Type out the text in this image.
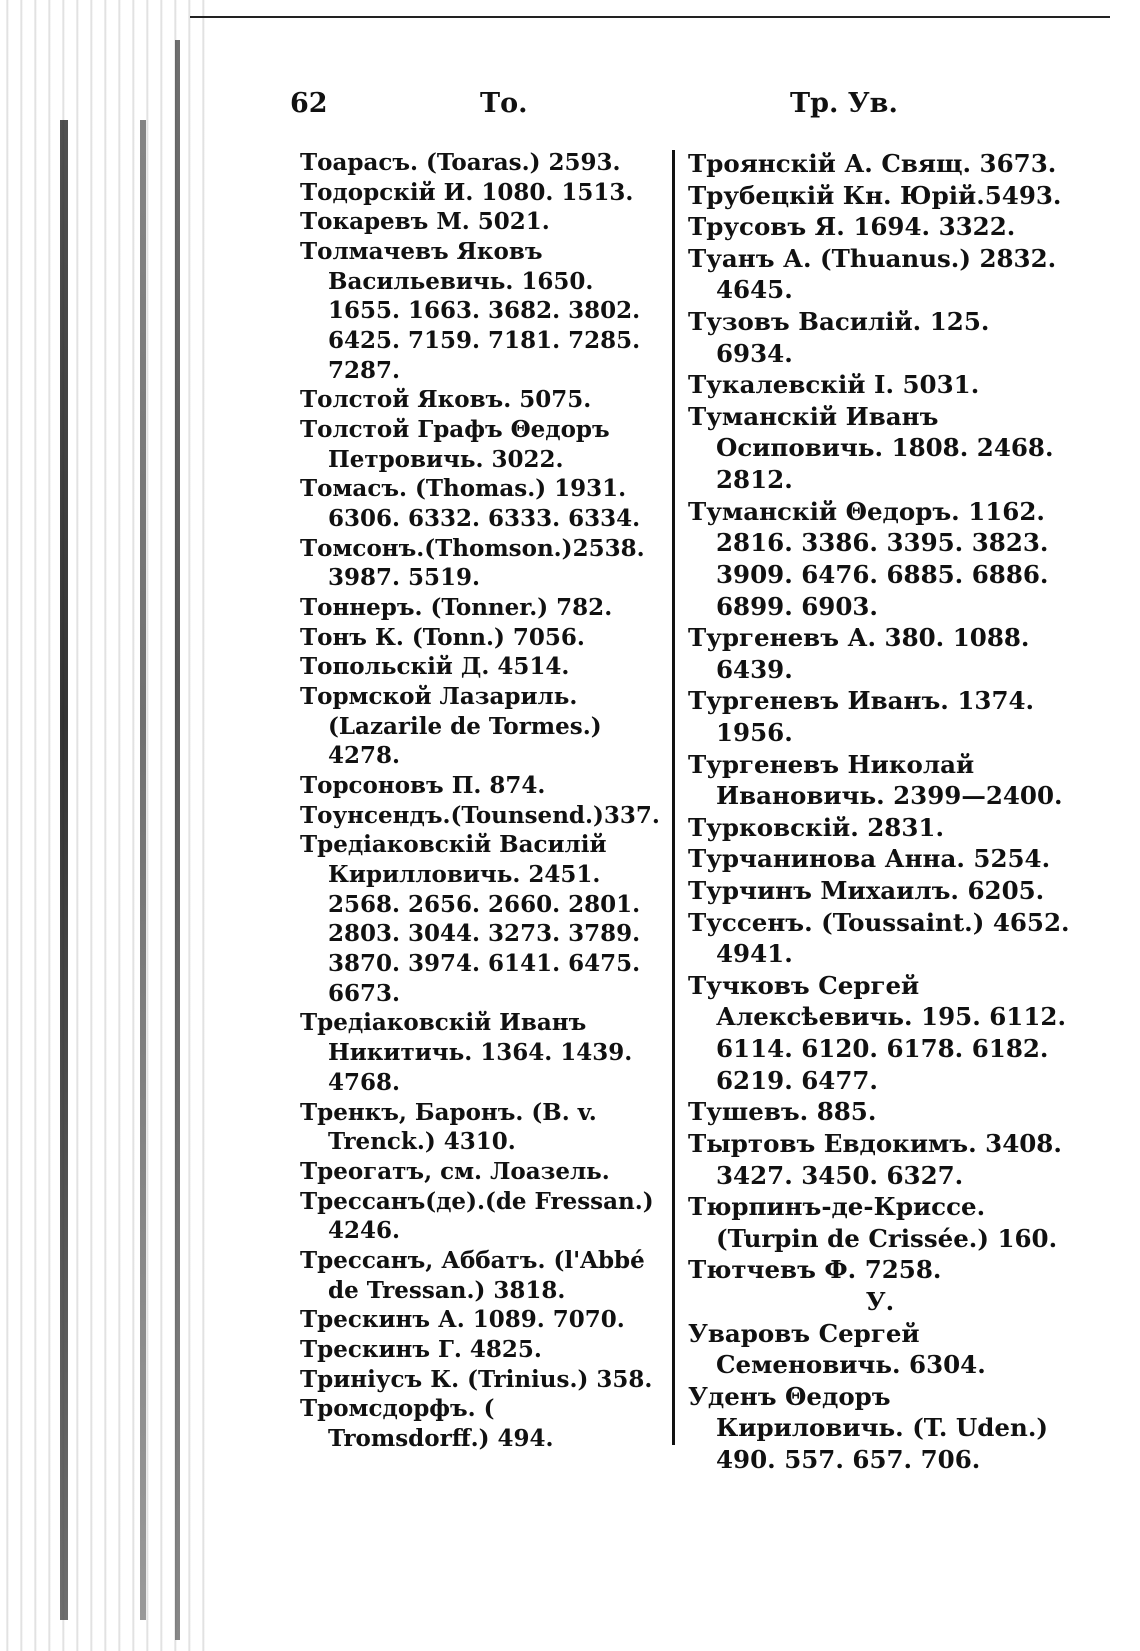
62	То.	Тр. Ув.

Тоарасъ. (Toaras.) 2593.

Тодорскій И. 1080. 1513.

Токаревъ М. 5021.

Толмачевъ Яковъ Васильевичь. 1650. 1655. 1663. 3682. 3802. 6425. 7159. 7181. 7285. 7287.

Толстой Яковъ. 5075.

Толстой Графъ Θедоръ Петровичь. 3022.

Томасъ. (Thomas.) 1931. 6306. 6332. 6333. 6334.

Томсонъ.(Thomson.)2538. 3987. 5519.

Тоннеръ. (Tonner.) 782.

Тонъ К. (Tonn.) 7056.

Топольскій Д. 4514.

Тормской Лазариль. (Lazarile de Tormes.) 4278.

Торсоновъ П. 874.

Тоунсендъ.(Tounsend.)337.

Тредіаковскій Василій Кирилловичь. 2451. 2568. 2656. 2660. 2801. 2803. 3044. 3273. 3789. 3870. 3974. 6141. 6475. 6673.

Тредіаковскій Иванъ Никитичь. 1364. 1439. 4768.

Тренкъ, Баронъ. (B. v. Trenck.) 4310.

Треогатъ, см. Лоазель.

Трессанъ(де).(de Fressan.) 4246.

Трессанъ, Аббатъ. (l'Abbé de Tressan.) 3818.

Трескинъ А. 1089. 7070.

Трескинъ Г. 4825.

Триніусъ К. (Trinius.) 358.

Тромсдорфъ. ( Tromsdorff.) 494.

Троянскій А. Свящ. 3673.

Трубецкій Кн. Юрій.5493.

Трусовъ Я. 1694. 3322.

Туанъ А. (Thuanus.) 2832. 4645.

Тузовъ Василій. 125. 6934.

Тукалевскій І. 5031.

Туманскій Иванъ Осиповичь. 1808. 2468. 2812.

Туманскій Θедоръ. 1162. 2816. 3386. 3395. 3823. 3909. 6476. 6885. 6886. 6899. 6903.

Тургеневъ А. 380. 1088. 6439.

Тургеневъ Иванъ. 1374. 1956.

Тургеневъ Николай Ивановичь. 2399—2400.

Турковскій. 2831.

Турчанинова Анна. 5254.

Турчинъ Михаилъ. 6205.

Туссенъ. (Toussaint.) 4652. 4941.

Тучковъ Сергей Алексѣевичь. 195. 6112. 6114. 6120. 6178. 6182. 6219. 6477.

Тушевъ. 885.

Тыртовъ Евдокимъ. 3408. 3427. 3450. 6327.

Тюрпинъ-де-Криссе. (Turpin de Crissée.) 160.

Тютчевъ Ф. 7258.

У.

Уваровъ Сергей Семеновичь. 6304.

Уденъ Θедоръ Кириловичь. (T. Uden.) 490. 557. 657. 706.
